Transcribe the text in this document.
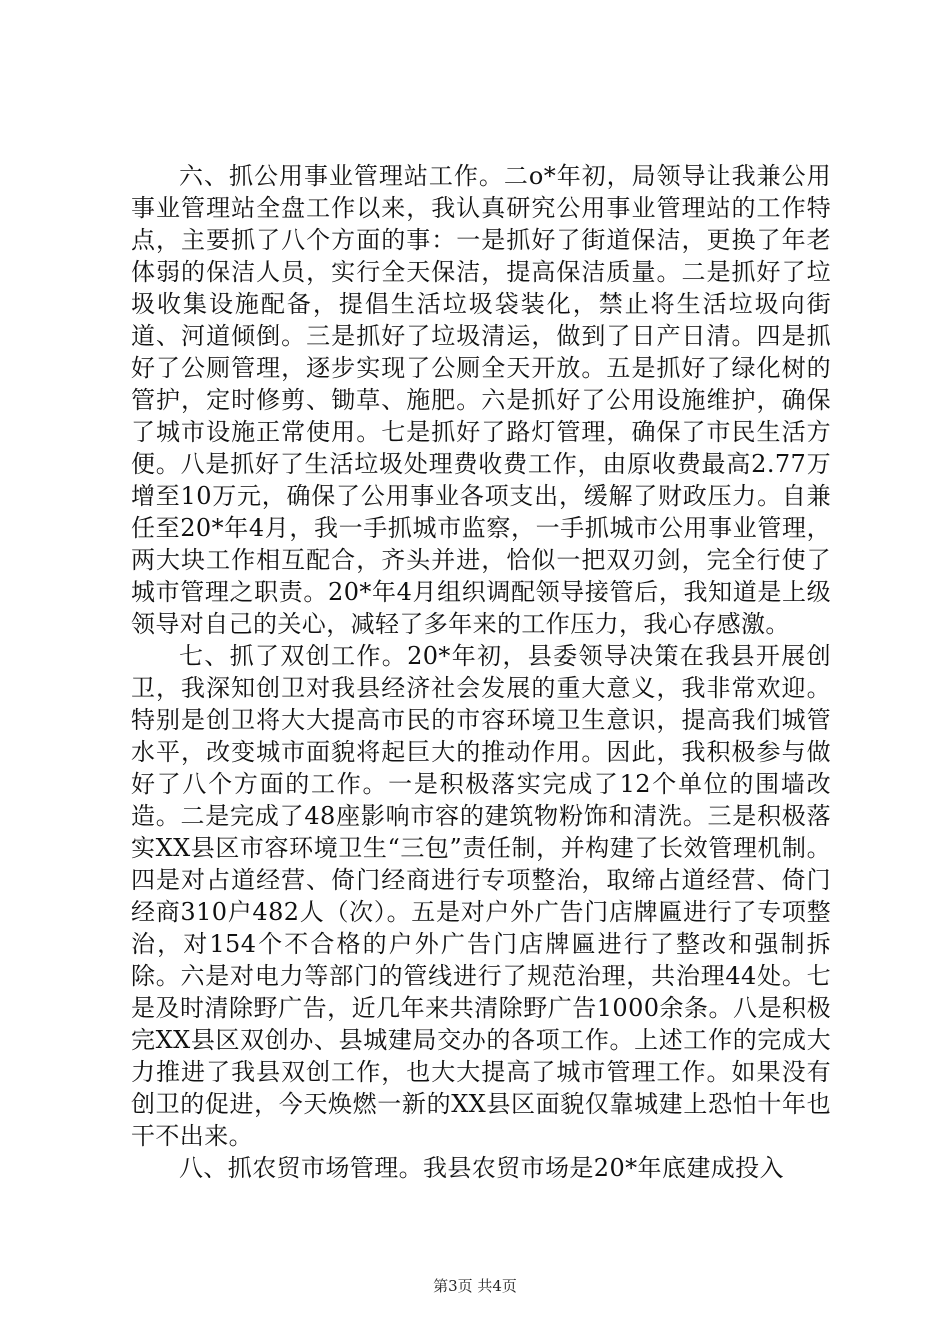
六、抓公用事业管理站工作。二o*年初，局领导让我兼公用事业管理站全盘工作以来，我认真研究公用事业管理站的工作特点，主要抓了八个方面的事：一是抓好了街道保洁，更换了年老体弱的保洁人员，实行全天保洁，提高保洁质量。二是抓好了垃圾收集设施配备，提倡生活垃圾袋装化，禁止将生活垃圾向街道、河道倾倒。三是抓好了垃圾清运，做到了日产日清。四是抓好了公厕管理，逐步实现了公厕全天开放。五是抓好了绿化树的管护，定时修剪、锄草、施肥。六是抓好了公用设施维护，确保了城市设施正常使用。七是抓好了路灯管理，确保了市民生活方便。八是抓好了生活垃圾处理费收费工作，由原收费最高2.77万增至10万元，确保了公用事业各项支出，缓解了财政压力。自兼任至20*年4月，我一手抓城市监察，一手抓城市公用事业管理，两大块工作相互配合，齐头并进，恰似一把双刃剑，完全行使了城市管理之职责。20*年4月组织调配领导接管后，我知道是上级领导对自己的关心，减轻了多年来的工作压力，我心存感激。

七、抓了双创工作。20*年初，县委领导决策在我县开展创卫，我深知创卫对我县经济社会发展的重大意义，我非常欢迎。特别是创卫将大大提高市民的市容环境卫生意识，提高我们城管水平，改变城市面貌将起巨大的推动作用。因此，我积极参与做好了八个方面的工作。一是积极落实完成了12个单位的围墙改造。二是完成了48座影响市容的建筑物粉饰和清洗。三是积极落实XX县区市容环境卫生“三包”责任制，并构建了长效管理机制。四是对占道经营、倚门经商进行专项整治，取缔占道经营、倚门经商310户482人（次）。五是对户外广告门店牌匾进行了专项整治，对154个不合格的户外广告门店牌匾进行了整改和强制拆除。六是对电力等部门的管线进行了规范治理，共治理44处。七是及时清除野广告，近几年来共清除野广告1000余条。八是积极完XX县区双创办、县城建局交办的各项工作。上述工作的完成大力推进了我县双创工作，也大大提高了城市管理工作。如果没有创卫的促进，今天焕燃一新的XX县区面貌仅靠城建上恐怕十年也干不出来。

八、抓农贸市场管理。我县农贸市场是20*年底建成投入

第3页 共4页
